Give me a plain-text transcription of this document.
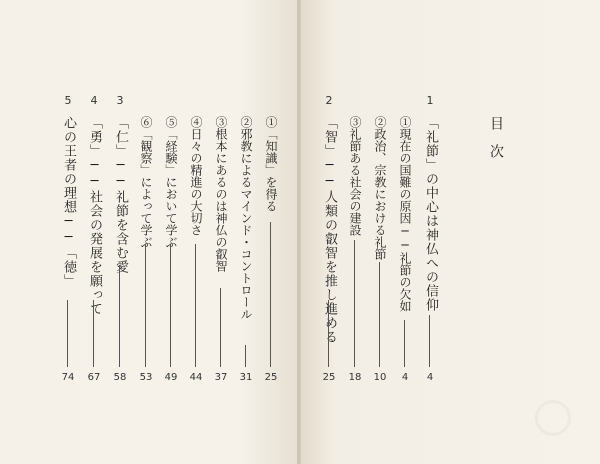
目次
1
「礼節」の中心は神仏への信仰
4
①現在の国難の原因──礼節の欠如
4
②政治、宗教における礼節
10
③礼節ある社会の建設
18
2
「智」──人類の叡智を推し進める
25
①「知識」を得る
25
②邪教によるマインド・コントロール
31
③根本にあるのは神仏の叡智
37
④日々の精進の大切さ
44
⑤「経験」において学ぶ
49
⑥「観察」によって学ぶ
53
3
「仁」──礼節を含む愛
58
4
「勇」──社会の発展を願って
67
5
心の王者の理想──「徳」
74
